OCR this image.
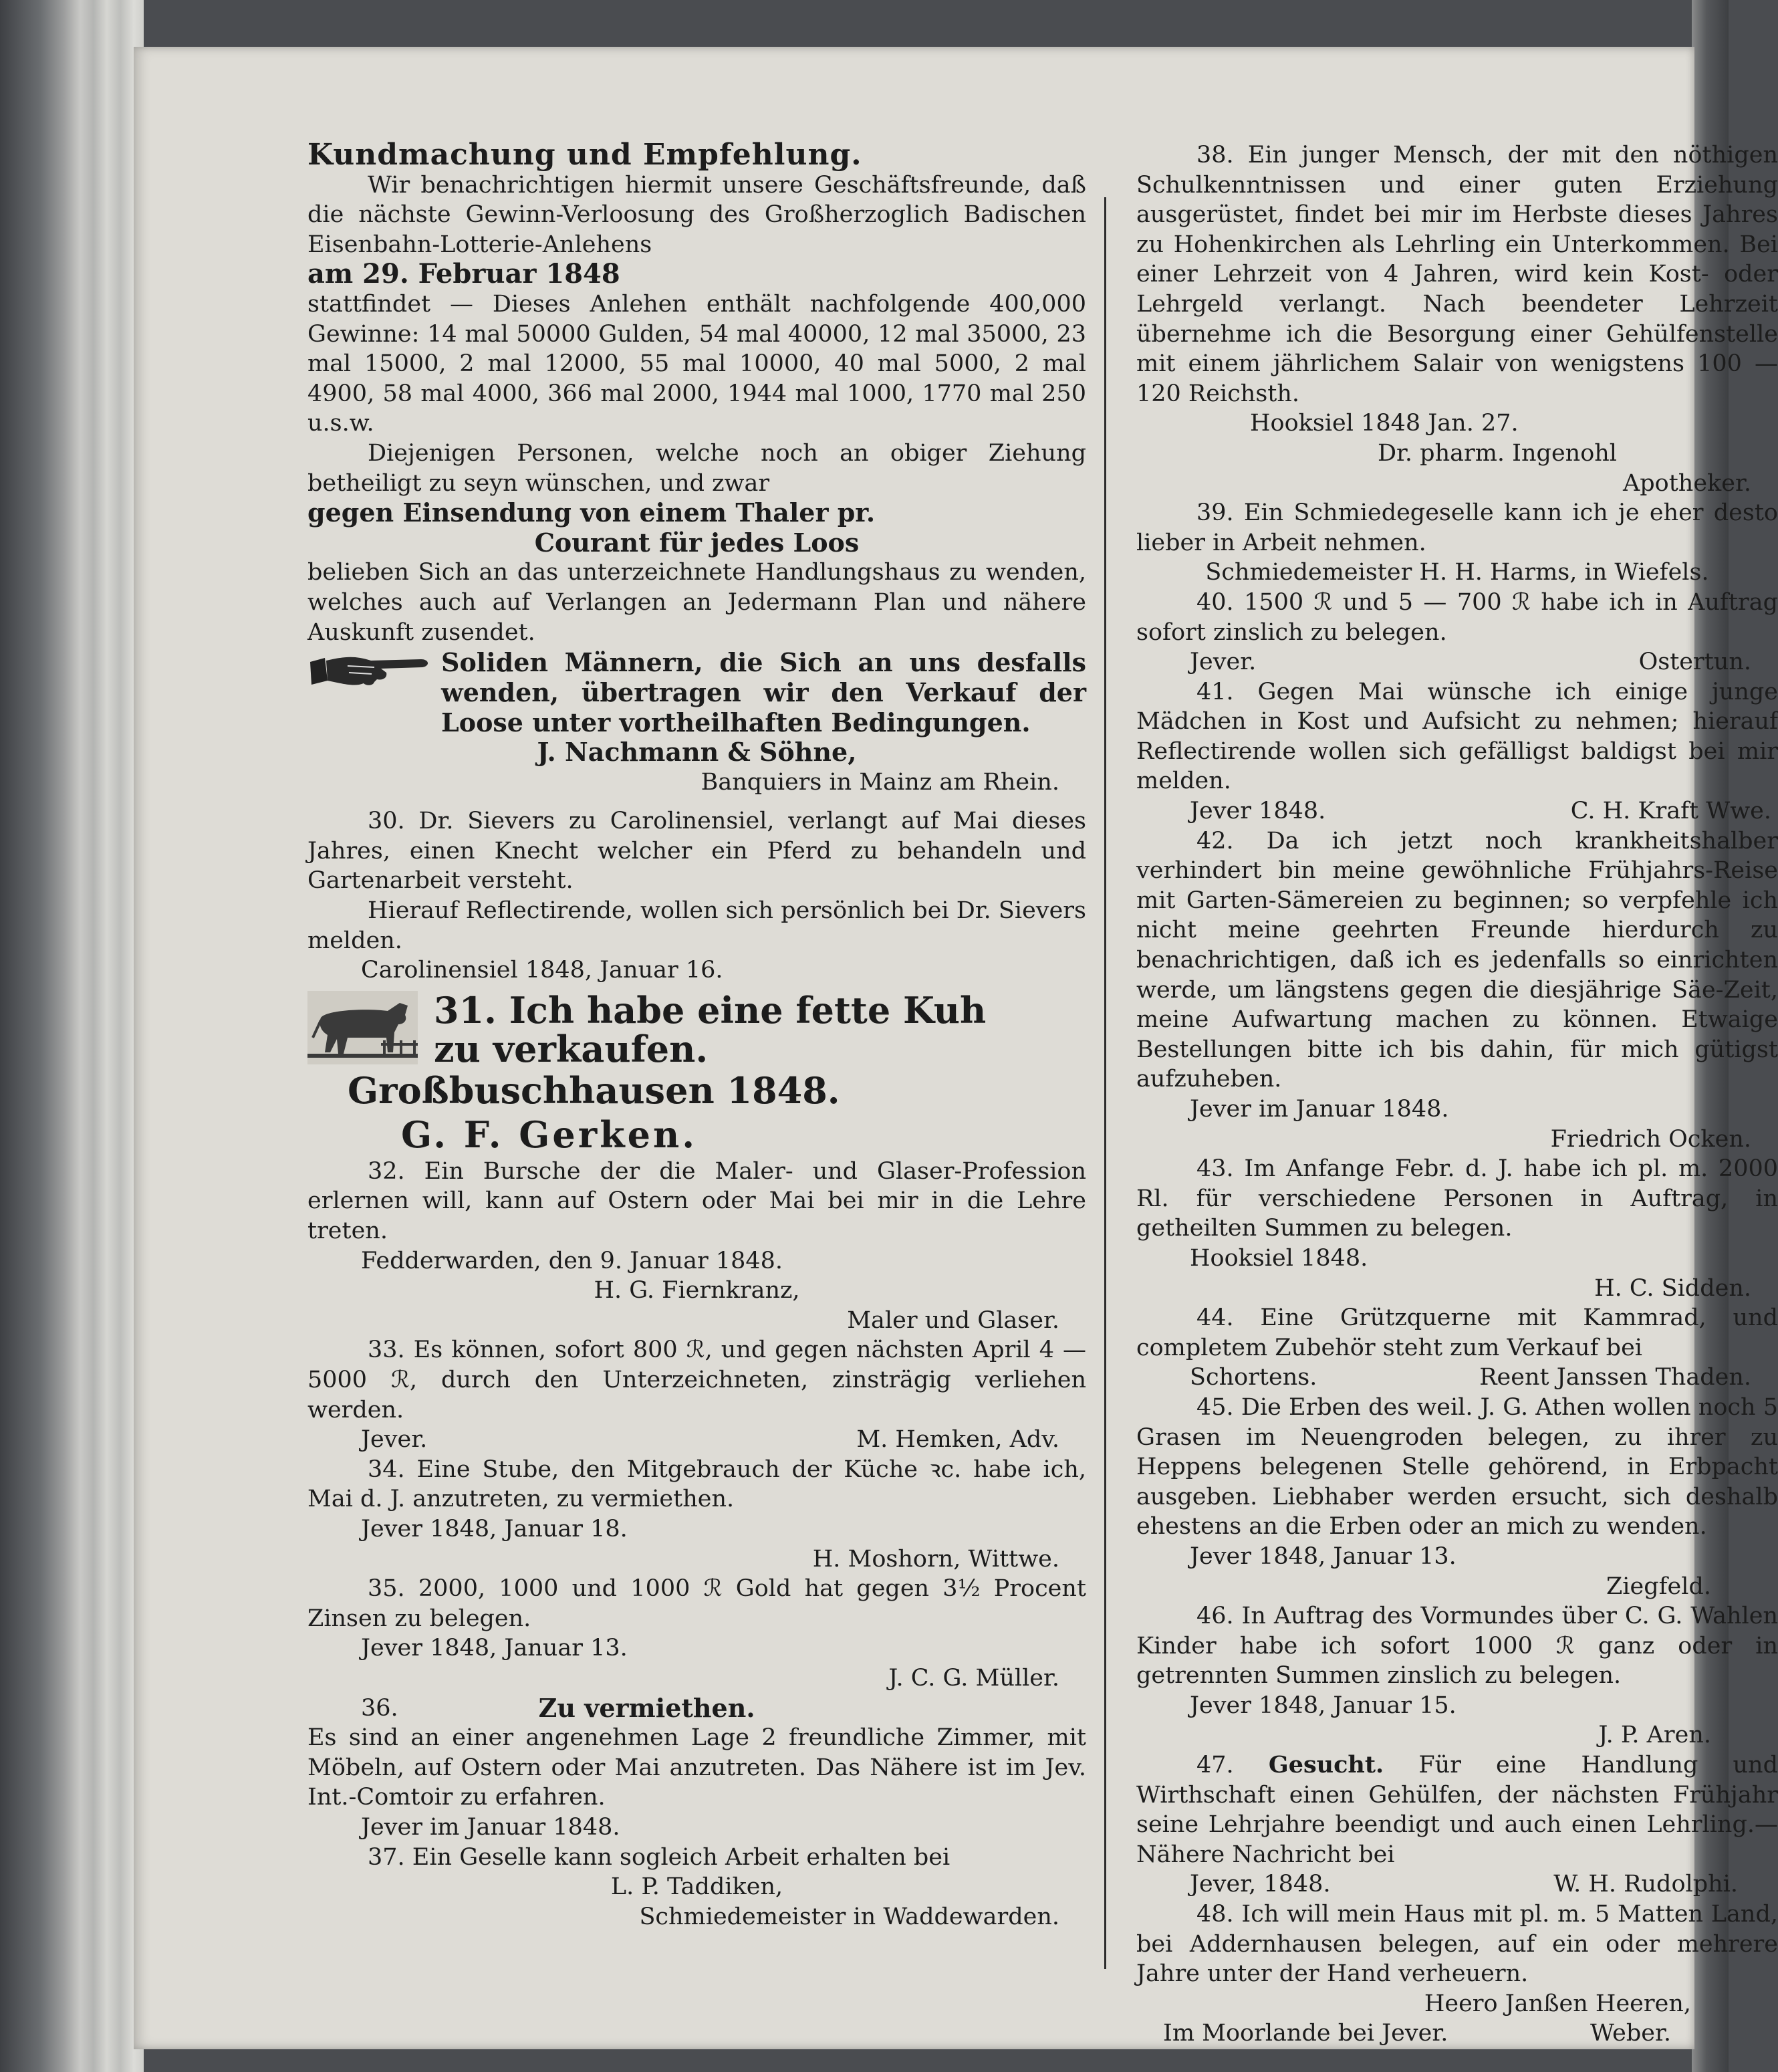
Kundmachung und Empfehlung.

Wir benachrichtigen hiermit unsere Geschäftsfreunde, daß die nächste Gewinn-Verloosung des Großherzoglich Badischen Eisenbahn-Lotterie-Anlehens

am 29. Februar 1848

stattfindet — Dieses Anlehen enthält nachfolgende 400,000 Gewinne: 14 mal 50000 Gulden, 54 mal 40000, 12 mal 35000, 23 mal 15000, 2 mal 12000, 55 mal 10000, 40 mal 5000, 2 mal 4900, 58 mal 4000, 366 mal 2000, 1944 mal 1000, 1770 mal 250 u.s.w.

Diejenigen Personen, welche noch an obiger Ziehung betheiligt zu seyn wünschen, und zwar

gegen Einsendung von einem Thaler pr.

Courant für jedes Loos

belieben Sich an das unterzeichnete Handlungshaus zu wenden, welches auch auf Verlangen an Jedermann Plan und nähere Auskunft zusendet.

Soliden Männern, die Sich an uns desfalls wenden, übertragen wir den Verkauf der Loose unter vortheilhaften Bedingungen.

J. Nachmann & Söhne,

Banquiers in Mainz am Rhein.

30. Dr. Sievers zu Carolinensiel, verlangt auf Mai dieses Jahres, einen Knecht welcher ein Pferd zu behandeln und Gartenarbeit versteht.

Hierauf Reflectirende, wollen sich persönlich bei Dr. Sievers melden.

Carolinensiel 1848, Januar 16.

31. Ich habe eine fette Kuh

zu verkaufen.

Großbuschhausen 1848.

G. F. Gerken.

32. Ein Bursche der die Maler- und Glaser-Profession erlernen will, kann auf Ostern oder Mai bei mir in die Lehre treten.

Fedderwarden, den 9. Januar 1848.

H. G. Fiernkranz,

Maler und Glaser.

33. Es können, sofort 800 ℛ, und gegen nächsten April 4 — 5000 ℛ, durch den Unterzeichneten, zinsträgig verliehen werden.

Jever.	M. Hemken, Adv.

34. Eine Stube, den Mitgebrauch der Küche ꝛc. habe ich, Mai d. J. anzutreten, zu vermiethen.

Jever 1848, Januar 18.

H. Moshorn, Wittwe.

35. 2000, 1000 und 1000 ℛ Gold hat gegen 3½ Procent Zinsen zu belegen.

Jever 1848, Januar 13.

J. C. G. Müller.

36.	Zu vermiethen.

Es sind an einer angenehmen Lage 2 freundliche Zimmer, mit Möbeln, auf Ostern oder Mai anzutreten. Das Nähere ist im Jev. Int.-Comtoir zu erfahren.

Jever im Januar 1848.

37. Ein Geselle kann sogleich Arbeit erhalten bei

L. P. Taddiken,

Schmiedemeister in Waddewarden.

38. Ein junger Mensch, der mit den nöthigen Schulkenntnissen und einer guten Erziehung ausgerüstet, findet bei mir im Herbste dieses Jahres zu Hohenkirchen als Lehrling ein Unterkommen. Bei einer Lehrzeit von 4 Jahren, wird kein Kost- oder Lehrgeld verlangt. Nach beendeter Lehrzeit übernehme ich die Besorgung einer Gehülfenstelle mit einem jährlichem Salair von wenigstens 100 — 120 Reichsth.

Hooksiel 1848 Jan. 27.

Dr. pharm. Ingenohl

Apotheker.

39. Ein Schmiedegeselle kann ich je eher desto lieber in Arbeit nehmen.

Schmiedemeister H. H. Harms, in Wiefels.

40. 1500 ℛ und 5 — 700 ℛ habe ich in Auftrag sofort zinslich zu belegen.

Jever.	Ostertun.

41. Gegen Mai wünsche ich einige junge Mädchen in Kost und Aufsicht zu nehmen; hierauf Reflectirende wollen sich gefälligst baldigst bei mir melden.

Jever 1848.	C. H. Kraft Wwe.

42. Da ich jetzt noch krankheitshalber verhindert bin meine gewöhnliche Frühjahrs-Reise mit Garten-Sämereien zu beginnen; so verpfehle ich nicht meine geehrten Freunde hierdurch zu benachrichtigen, daß ich es jedenfalls so einrichten werde, um längstens gegen die diesjährige Säe-Zeit, meine Aufwartung machen zu können. Etwaige Bestellungen bitte ich bis dahin, für mich gütigst aufzuheben.

Jever im Januar 1848.

Friedrich Ocken.

43. Im Anfange Febr. d. J. habe ich pl. m. 2000 Rl. für verschiedene Personen in Auftrag, in getheilten Summen zu belegen.

Hooksiel 1848.

H. C. Sidden.

44. Eine Grützquerne mit Kammrad, und completem Zubehör steht zum Verkauf bei

Schortens.	Reent Janssen Thaden.

45. Die Erben des weil. J. G. Athen wollen noch 5 Grasen im Neuengroden belegen, zu ihrer zu Heppens belegenen Stelle gehörend, in Erbpacht ausgeben. Liebhaber werden ersucht, sich deshalb ehestens an die Erben oder an mich zu wenden.

Jever 1848, Januar 13.

Ziegfeld.

46. In Auftrag des Vormundes über C. G. Wahlen Kinder habe ich sofort 1000 ℛ ganz oder in getrennten Summen zinslich zu belegen.

Jever 1848, Januar 15.

J. P. Aren.

47. Gesucht. Für eine Handlung und Wirthschaft einen Gehülfen, der nächsten Frühjahr seine Lehrjahre beendigt und auch einen Lehrling.— Nähere Nachricht bei

Jever, 1848.	W. H. Rudolphi.

48. Ich will mein Haus mit pl. m. 5 Matten Land, bei Addernhausen belegen, auf ein oder mehrere Jahre unter der Hand verheuern.

Heero Janßen Heeren,

Im Moorlande bei Jever.	Weber.
